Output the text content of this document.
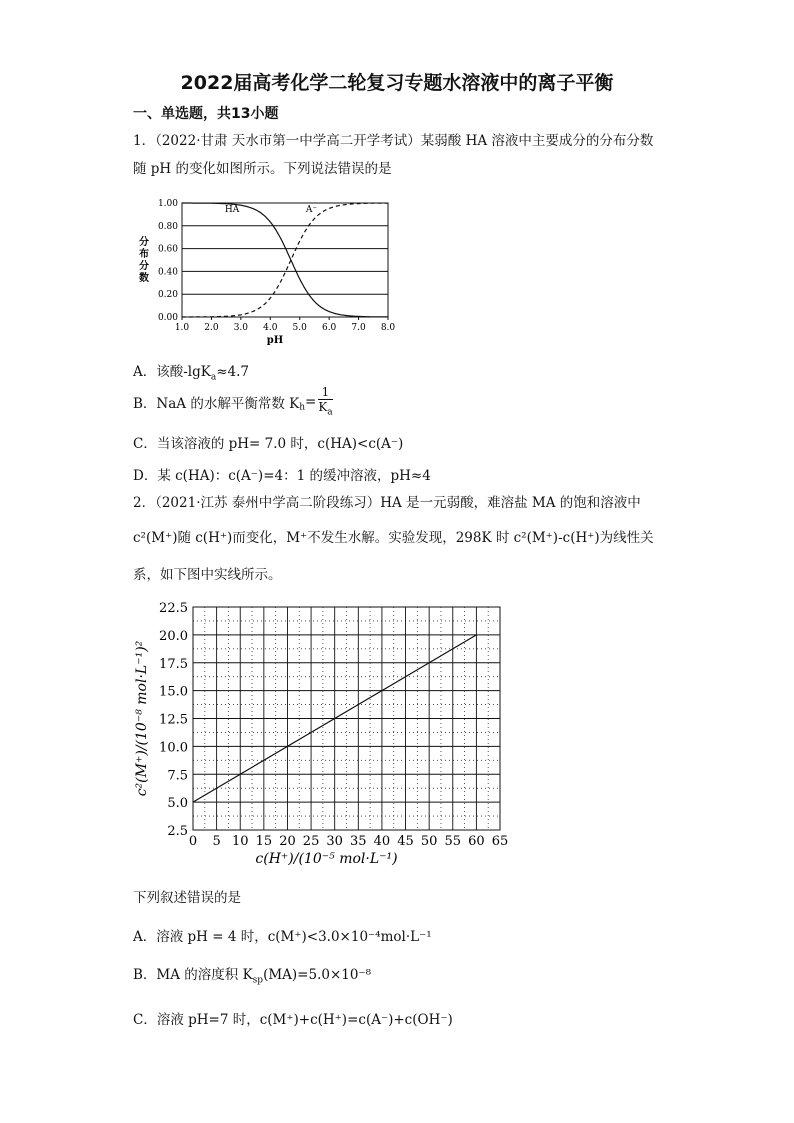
2022届高考化学二轮复习专题水溶液中的离子平衡
一、单选题，共13小题
1．（2022·甘肃 天水市第一中学高二开学考试）某弱酸 HA 溶液中主要成分的分布分数
随 pH 的变化如图所示。下列说法错误的是
0.00
0.20
0.40
0.60
0.80
1.00
1.0 2.0 3.0 4.0 5.0 6.0 7.0 8.0
pH
分
布
分
数
HA	A⁻
A．该酸-lgK$_a$≈4.7
B．NaA 的水解平衡常数 $K_h= \frac{1}{K_a}$
C．当该溶液的 pH= 7.0 时，c(HA)<c(A⁻)
D．某 c(HA)：c(A⁻)=4：1 的缓冲溶液，pH≈4
2．（2021·江苏 泰州中学高二阶段练习）HA 是一元弱酸，难溶盐 MA 的饱和溶液中
c²(M⁺)随 c(H⁺)而变化，M⁺不发生水解。实验发现，298K 时 c²(M⁺)-c(H⁺)为线性关
系，如下图中实线所示。
0 5 10 15 20 25 30 35 40 45 50 55 60 65
2.5
5.0
7.5
10.0
12.5
15.0
17.5
20.0
22.5
c(H⁺)/(10⁻⁵ mol·L⁻¹)
c²(M⁺)/(10⁻⁸ mol·L⁻¹)²
下列叙述错误的是
A．溶液 pH = 4 时，c(M⁺)<3.0×10⁻⁴mol·L⁻¹
B．MA 的溶度积 $K_{sp}(MA)=5.0\times 10^{-8}$
C．溶液 pH=7 时，c(M⁺)+c(H⁺)=c(A⁻)+c(OH⁻)
